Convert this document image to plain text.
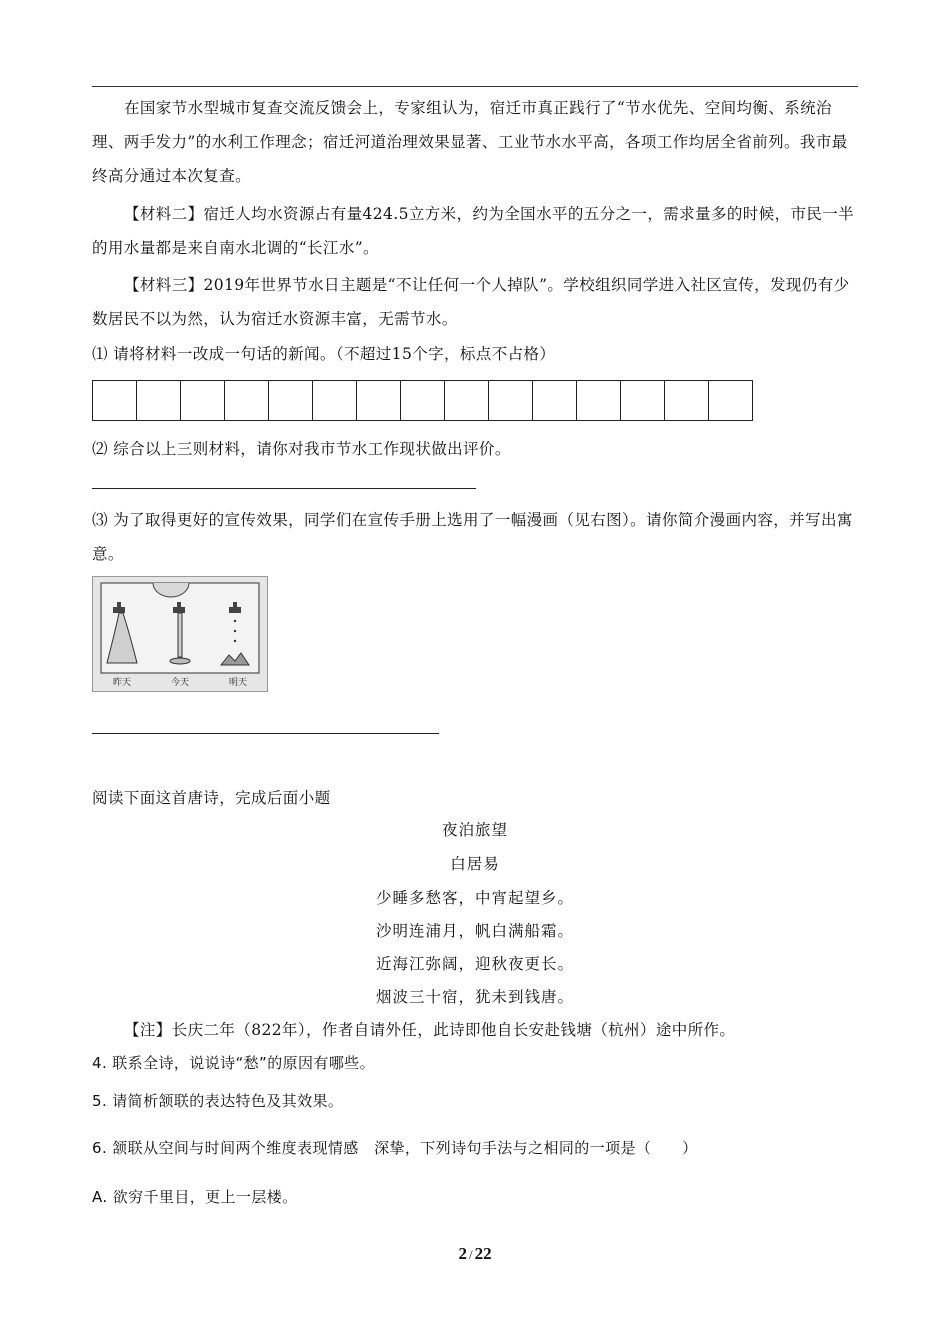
在国家节水型城市复查交流反馈会上，专家组认为，宿迁市真正践行了“节水优先、空间均衡、系统治理、两手发力”的水利工作理念；宿迁河道治理效果显著、工业节水水平高，各项工作均居全省前列。我市最终高分通过本次复查。
【材料二】宿迁人均水资源占有量424.5立方米，约为全国水平的五分之一，需求量多的时候，市民一半的用水量都是来自南水北调的“长江水”。
【材料三】2019年世界节水日主题是“不让任何一个人掉队”。学校组织同学进入社区宣传，发现仍有少数居民不以为然，认为宿迁水资源丰富，无需节水。
⑴ 请将材料一改成一句话的新闻。（不超过15个字，标点不占格）
⑵ 综合以上三则材料，请你对我市节水工作现状做出评价。
⑶ 为了取得更好的宣传效果，同学们在宣传手册上选用了一幅漫画（见右图）。请你简介漫画内容，并写出寓意。
昨天	今天	明天
阅读下面这首唐诗，完成后面小题
夜泊旅望
白居易
少睡多愁客，中宵起望乡。
沙明连浦月，帆白满船霜。
近海江弥阔，迎秋夜更长。
烟波三十宿，犹未到钱唐。
【注】长庆二年（822年），作者自请外任，此诗即他自长安赴钱塘（杭州）途中所作。
4. 联系全诗，说说诗“愁”的原因有哪些。
5. 请简析颔联的表达特色及其效果。
6. 颔联从空间与时间两个维度表现情感　深挚，下列诗句手法与之相同的一项是（　　）
A. 欲穷千里目，更上一层楼。
2 / 22
